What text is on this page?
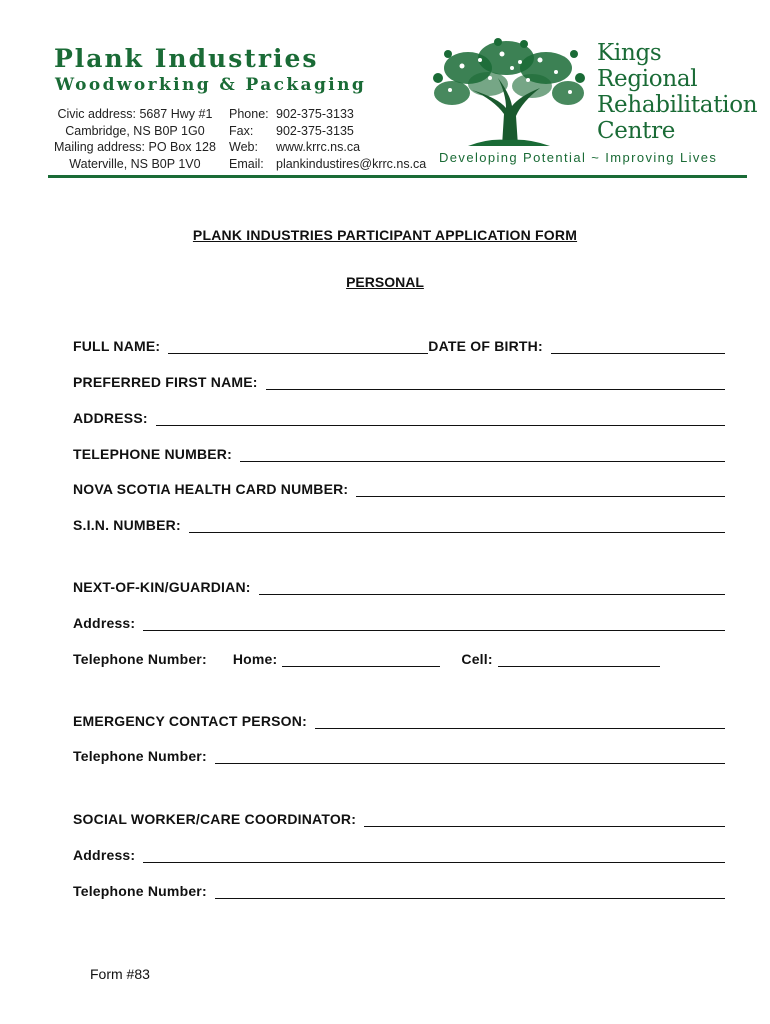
Plank Industries
Woodworking & Packaging
Civic address: 5687 Hwy #1
Cambridge, NS B0P 1G0
Mailing address: PO Box 128
Waterville, NS B0P 1V0
Phone: 902-375-3133
Fax:	902-375-3135
Web:	www.krrc.ns.ca
Email: plankindustires@krrc.ns.ca
Kings
Regional
Rehabilitation
Centre
Developing Potential ~ Improving Lives
PLANK INDUSTRIES PARTICIPANT APPLICATION FORM
PERSONAL
FULL NAME:	DATE OF BIRTH:
PREFERRED FIRST NAME:
ADDRESS:
TELEPHONE NUMBER:
NOVA SCOTIA HEALTH CARD NUMBER:
S.I.N. NUMBER:
NEXT-OF-KIN/GUARDIAN:
Address:
Telephone Number: Home:	Cell:
EMERGENCY CONTACT PERSON:
Telephone Number:
SOCIAL WORKER/CARE COORDINATOR:
Address:
Telephone Number:
Form #83
